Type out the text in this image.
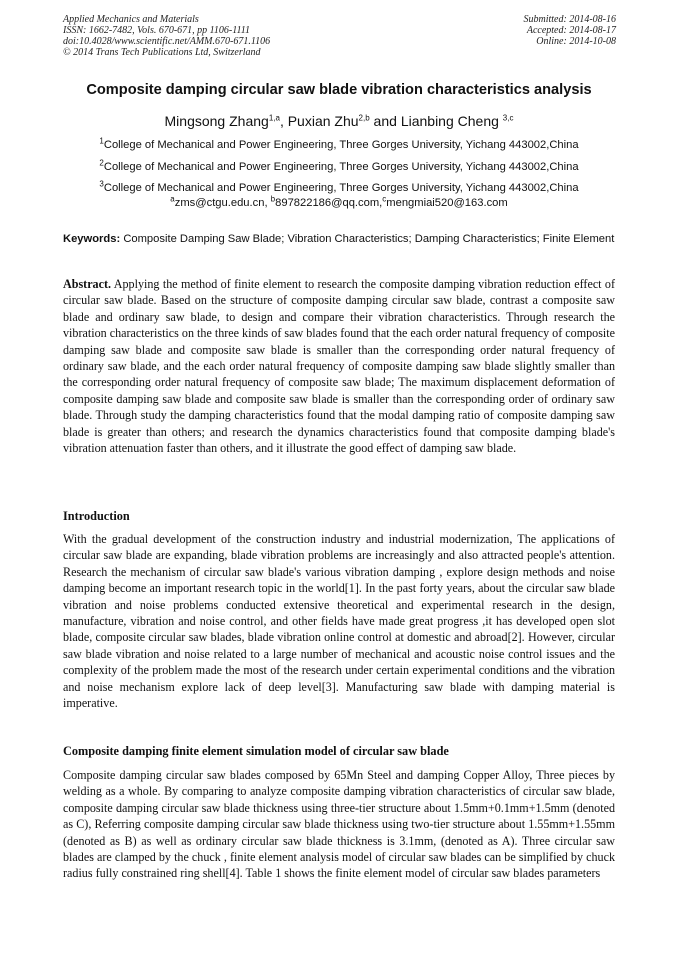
Applied Mechanics and Materials
ISSN: 1662-7482, Vols. 670-671, pp 1106-1111
doi:10.4028/www.scientific.net/AMM.670-671.1106
© 2014 Trans Tech Publications Ltd, Switzerland
Submitted: 2014-08-16
Accepted: 2014-08-17
Online: 2014-10-08
Composite damping circular saw blade vibration characteristics analysis
Mingsong Zhang$^{1,a}$, Puxian Zhu$^{2,b}$ and Lianbing Cheng $^{3,c}$
$^1$College of Mechanical and Power Engineering, Three Gorges University, Yichang 443002,China
$^2$College of Mechanical and Power Engineering, Three Gorges University, Yichang 443002,China
$^3$College of Mechanical and Power Engineering, Three Gorges University, Yichang 443002,China
$^a$zms@ctgu.edu.cn, $^b$897822186@qq.com,$^c$mengmiai520@163.com
Keywords: Composite Damping Saw Blade; Vibration Characteristics; Damping Characteristics; Finite Element
Abstract. Applying the method of finite element to research the composite damping vibration reduction effect of circular saw blade. Based on the structure of composite damping circular saw blade, contrast a composite saw blade and ordinary saw blade, to design and compare their vibration characteristics. Through research the vibration characteristics on the three kinds of saw blades found that the each order natural frequency of composite damping saw blade and composite saw blade is smaller than the corresponding order natural frequency of ordinary saw blade, and the each order natural frequency of composite damping saw blade slightly smaller than the corresponding order natural frequency of composite saw blade; The maximum displacement deformation of composite damping saw blade and composite saw blade is smaller than the corresponding order of ordinary saw blade. Through study the damping characteristics found that the modal damping ratio of composite damping saw blade is greater than others; and research the dynamics characteristics found that composite damping blade's vibration attenuation faster than others, and it illustrate the good effect of damping saw blade.
Introduction
With the gradual development of the construction industry and industrial modernization, The applications of circular saw blade are expanding, blade vibration problems are increasingly and also attracted people's attention. Research the mechanism of circular saw blade's various vibration damping , explore design methods and noise damping become an important research topic in the world[1]. In the past forty years, about the circular saw blade vibration and noise problems conducted extensive theoretical and experimental research in the design, manufacture, vibration and noise control, and other fields have made great progress ,it has developed open slot blade, composite circular saw blades, blade vibration online control at domestic and abroad[2]. However, circular saw blade vibration and noise related to a large number of mechanical and acoustic noise control issues and the complexity of the problem made the most of the research under certain experimental conditions and the vibration and noise mechanism explore lack of deep level[3]. Manufacturing saw blade with damping material is imperative.
Composite damping finite element simulation model of circular saw blade
Composite damping circular saw blades composed by 65Mn Steel and damping Copper Alloy, Three pieces by welding as a whole. By comparing to analyze composite damping vibration characteristics of circular saw blade, composite damping circular saw blade thickness using three-tier structure about 1.5mm+0.1mm+1.5mm (denoted as C), Referring composite damping circular saw blade thickness using two-tier structure about 1.55mm+1.55mm (denoted as B) as well as ordinary circular saw blade thickness is 3.1mm, (denoted as A). Three circular saw blades are clamped by the chuck , finite element analysis model of circular saw blades can be simplified by chuck radius fully constrained ring shell[4]. Table 1 shows the finite element model of circular saw blades parameters
